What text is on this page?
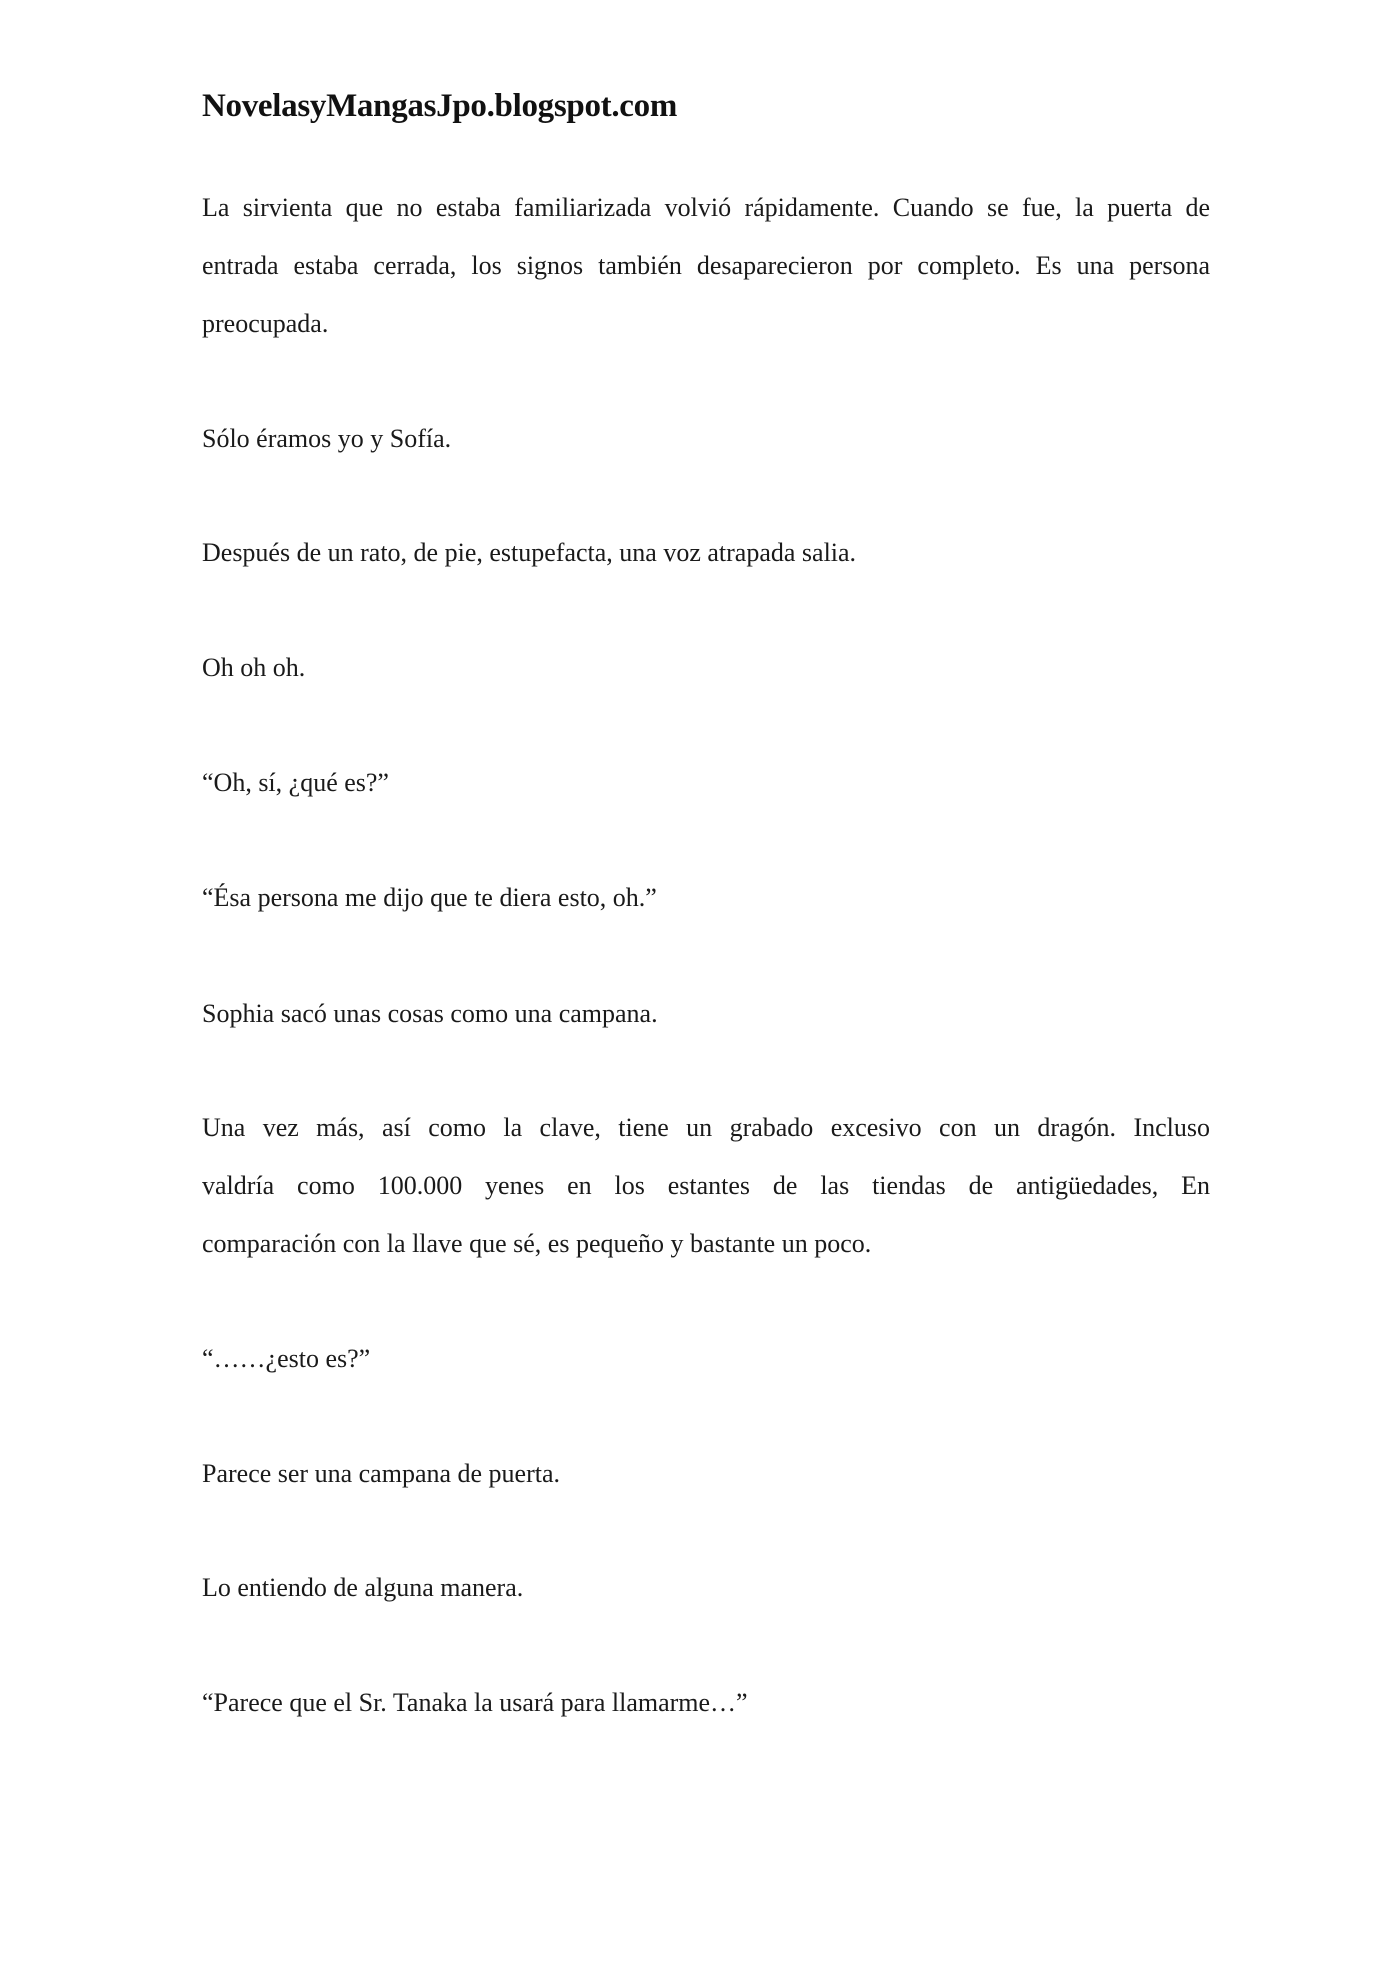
NovelasyMangasJpo.blogspot.com

La sirvienta que no estaba familiarizada volvió rápidamente. Cuando se fue, la puerta de
entrada estaba cerrada, los signos también desaparecieron por completo. Es una persona
preocupada.

Sólo éramos yo y Sofía.

Después de un rato, de pie, estupefacta, una voz atrapada salia.

Oh oh oh.

“Oh, sí, ¿qué es?”

“Ésa persona me dijo que te diera esto, oh.”

Sophia sacó unas cosas como una campana.

Una vez más, así como la clave, tiene un grabado excesivo con un dragón. Incluso
valdría como 100.000 yenes en los estantes de las tiendas de antigüedades, En
comparación con la llave que sé, es pequeño y bastante un poco.

“……¿esto es?”

Parece ser una campana de puerta.

Lo entiendo de alguna manera.

“Parece que el Sr. Tanaka la usará para llamarme…”
